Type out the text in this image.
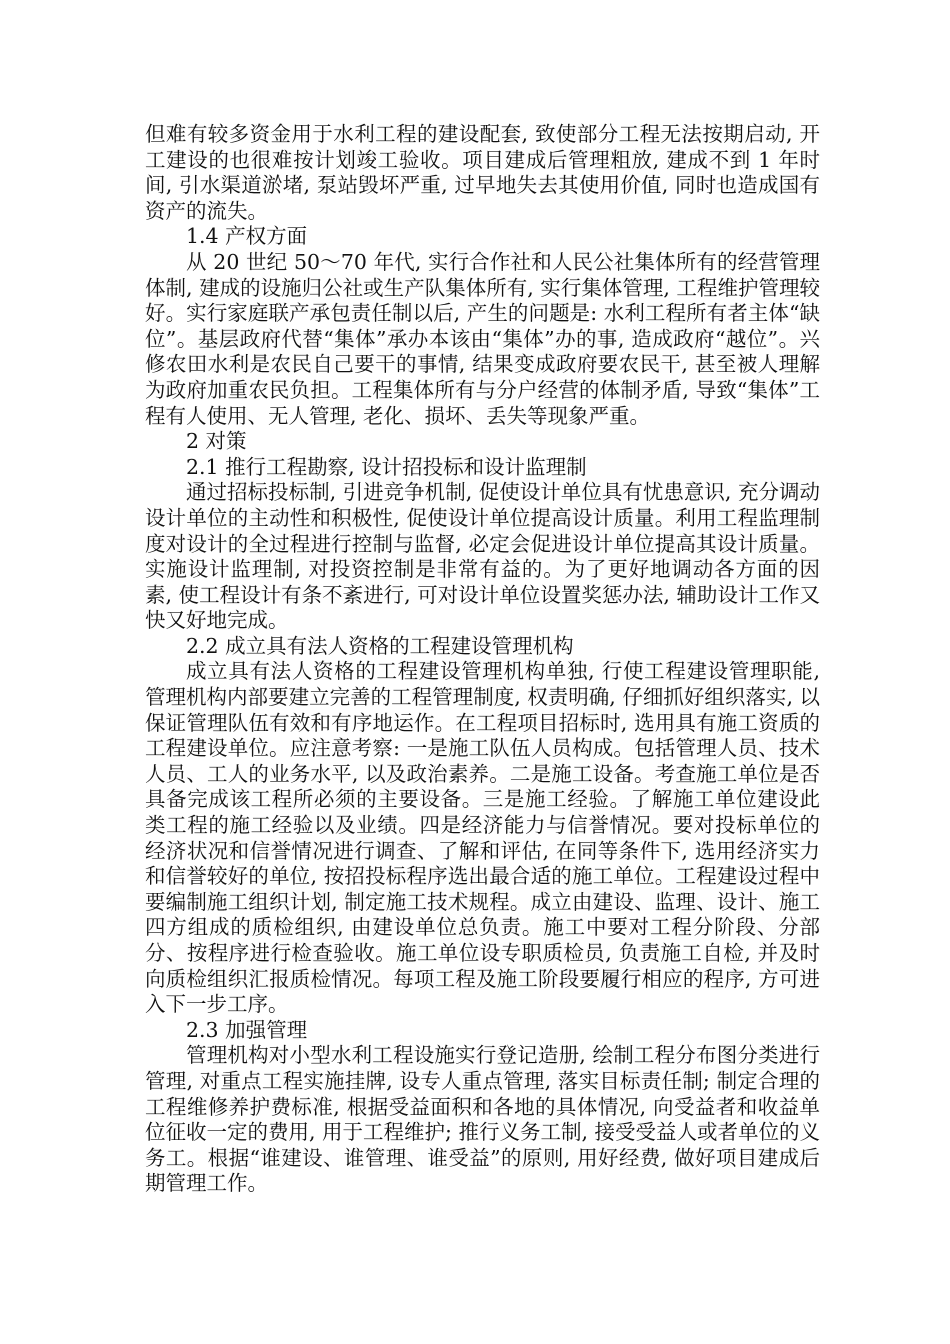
但难有较多资金用于水利工程的建设配套, 致使部分工程无法按期启动, 开工建设的也很难按计划竣工验收。项目建成后管理粗放, 建成不到 1 年时间, 引水渠道淤堵, 泵站毁坏严重, 过早地失去其使用价值, 同时也造成国有资产的流失。

1.4 产权方面

从 20 世纪 50～70 年代, 实行合作社和人民公社集体所有的经营管理体制, 建成的设施归公社或生产队集体所有, 实行集体管理, 工程维护管理较好。实行家庭联产承包责任制以后, 产生的问题是: 水利工程所有者主体“缺位”。基层政府代替“集体”承办本该由“集体”办的事, 造成政府“越位”。兴修农田水利是农民自己要干的事情, 结果变成政府要农民干, 甚至被人理解为政府加重农民负担。工程集体所有与分户经营的体制矛盾, 导致“集体”工程有人使用、无人管理, 老化、损坏、丢失等现象严重。

2 对策
2.1 推行工程勘察, 设计招投标和设计监理制

通过招标投标制, 引进竞争机制, 促使设计单位具有忧患意识, 充分调动设计单位的主动性和积极性, 促使设计单位提高设计质量。利用工程监理制度对设计的全过程进行控制与监督, 必定会促进设计单位提高其设计质量。实施设计监理制, 对投资控制是非常有益的。为了更好地调动各方面的因素, 使工程设计有条不紊进行, 可对设计单位设置奖惩办法, 辅助设计工作又快又好地完成。

2.2 成立具有法人资格的工程建设管理机构

成立具有法人资格的工程建设管理机构单独, 行使工程建设管理职能, 管理机构内部要建立完善的工程管理制度, 权责明确, 仔细抓好组织落实, 以保证管理队伍有效和有序地运作。在工程项目招标时, 选用具有施工资质的工程建设单位。应注意考察: 一是施工队伍人员构成。包括管理人员、技术人员、工人的业务水平, 以及政治素养。二是施工设备。考查施工单位是否具备完成该工程所必须的主要设备。三是施工经验。了解施工单位建设此类工程的施工经验以及业绩。四是经济能力与信誉情况。要对投标单位的经济状况和信誉情况进行调查、了解和评估, 在同等条件下, 选用经济实力和信誉较好的单位, 按招投标程序选出最合适的施工单位。工程建设过程中要编制施工组织计划, 制定施工技术规程。成立由建设、监理、设计、施工四方组成的质检组织, 由建设单位总负责。施工中要对工程分阶段、分部分、按程序进行检查验收。施工单位设专职质检员, 负责施工自检, 并及时向质检组织汇报质检情况。每项工程及施工阶段要履行相应的程序, 方可进入下一步工序。

2.3 加强管理

管理机构对小型水利工程设施实行登记造册, 绘制工程分布图分类进行管理, 对重点工程实施挂牌, 设专人重点管理, 落实目标责任制; 制定合理的工程维修养护费标准, 根据受益面积和各地的具体情况, 向受益者和收益单位征收一定的费用, 用于工程维护; 推行义务工制, 接受受益人或者单位的义务工。根据“谁建设、谁管理、谁受益”的原则, 用好经费, 做好项目建成后期管理工作。
